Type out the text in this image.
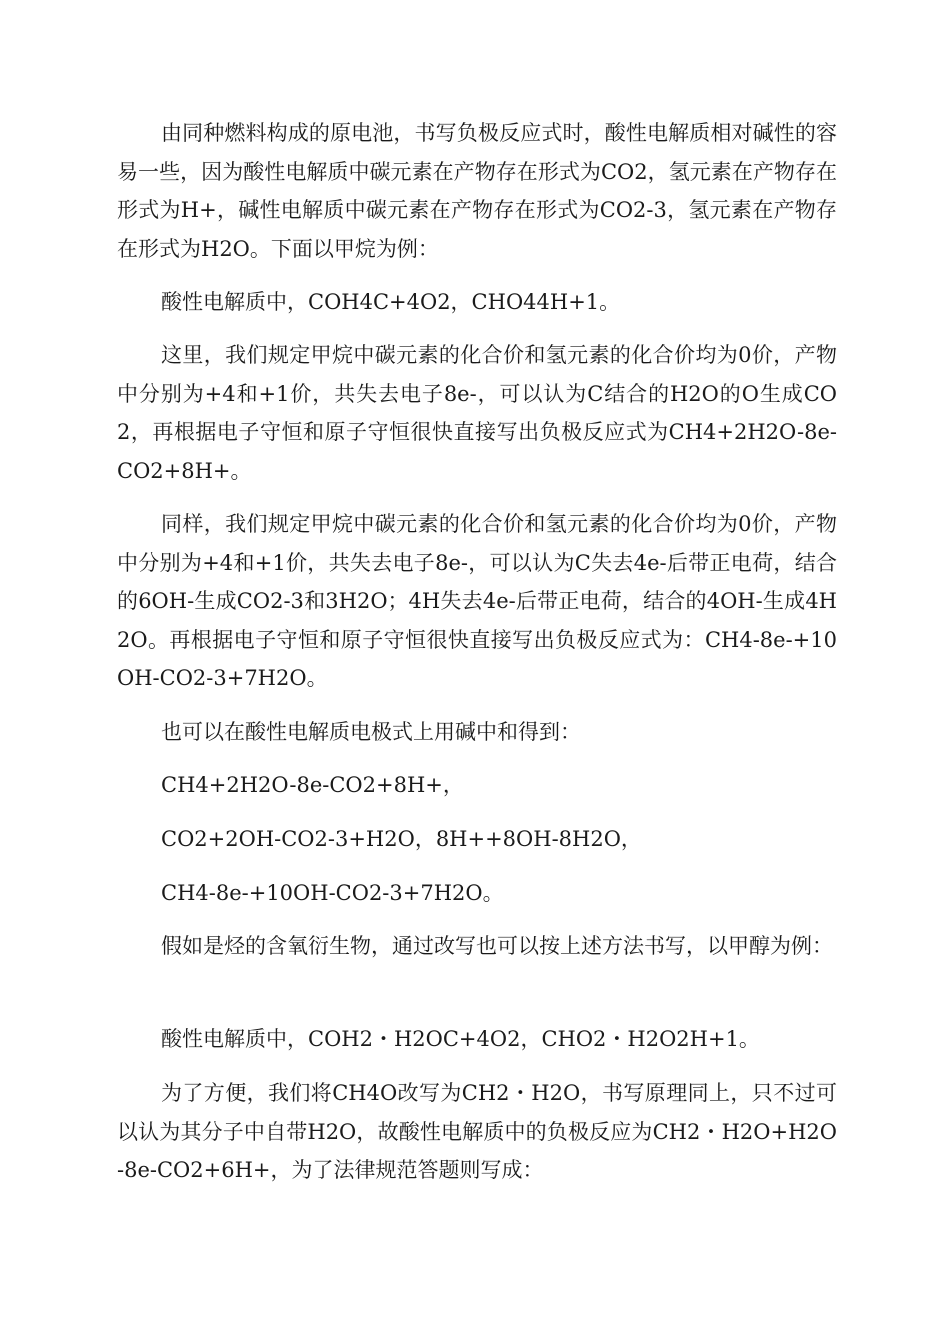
由同种燃料构成的原电池，书写负极反应式时，酸性电解质相对碱性的容易一些，因为酸性电解质中碳元素在产物存在形式为CO2，氢元素在产物存在形式为H+，碱性电解质中碳元素在产物存在形式为CO2-3，氢元素在产物存在形式为H2O。下面以甲烷为例：

酸性电解质中，COH4C+4O2，CHO44H+1。

这里，我们规定甲烷中碳元素的化合价和氢元素的化合价均为0价，产物中分别为+4和+1价，共失去电子8e-，可以认为C结合的H2O的O生成CO2，再根据电子守恒和原子守恒很快直接写出负极反应式为CH4+2H2O-8e-CO2+8H+。

同样，我们规定甲烷中碳元素的化合价和氢元素的化合价均为0价，产物中分别为+4和+1价，共失去电子8e-，可以认为C失去4e-后带正电荷，结合的6OH-生成CO2-3和3H2O；4H失去4e-后带正电荷，结合的4OH-生成4H2O。再根据电子守恒和原子守恒很快直接写出负极反应式为：CH4-8e-+10OH-CO2-3+7H2O。

也可以在酸性电解质电极式上用碱中和得到：

CH4+2H2O-8e-CO2+8H+，

CO2+2OH-CO2-3+H2O，8H++8OH-8H2O，

CH4-8e-+10OH-CO2-3+7H2O。

假如是烃的含氧衍生物，通过改写也可以按上述方法书写，以甲醇为例：

酸性电解质中，COH2・H2OC+4O2，CHO2・H2O2H+1。

为了方便，我们将CH4O改写为CH2・H2O，书写原理同上，只不过可以认为其分子中自带H2O，故酸性电解质中的负极反应为CH2・H2O+H2O-8e-CO2+6H+，为了法律规范答题则写成：
